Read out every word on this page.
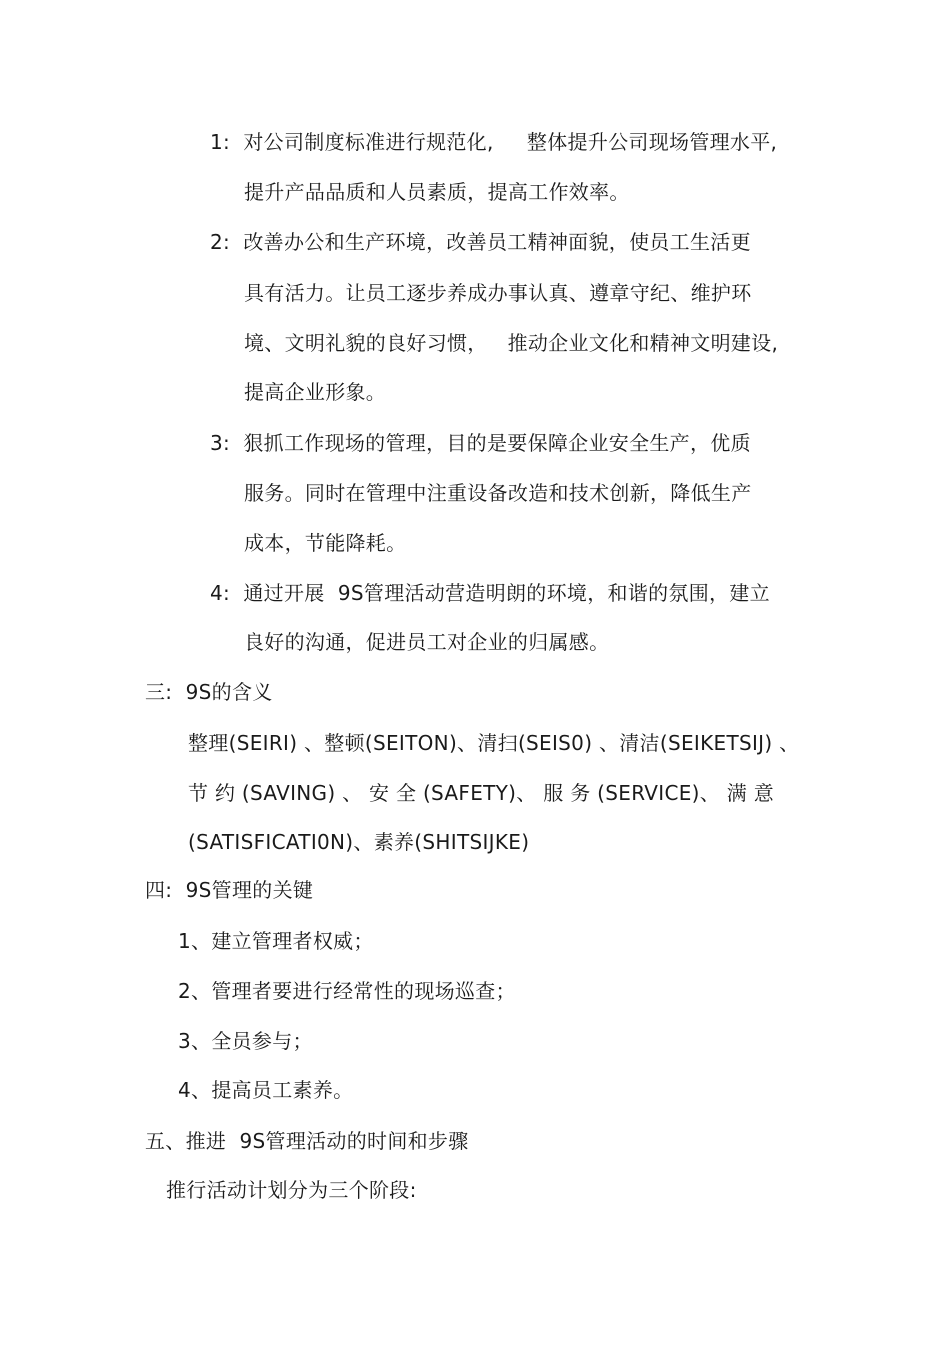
1:  对公司制度标准进行规范化,     整体提升公司现场管理水平,
提升产品品质和人员素质，提高工作效率。
2:  改善办公和生产环境，改善员工精神面貌，使员工生活更
具有活力。让员工逐步养成办事认真、遵章守纪、维护环
境、文明礼貌的良好习惯，   推动企业文化和精神文明建设,
提高企业形象。
3:  狠抓工作现场的管理，目的是要保障企业安全生产，优质
服务。同时在管理中注重设备改造和技术创新，降低生产
成本，节能降耗。
4:  通过开展  9S管理活动营造明朗的环境，和谐的氛围，建立
良好的沟通，促进员工对企业的归属感。
三:  9S的含义
整理(SEIRI) 、整顿(SEITON)、清扫(SEIS0) 、清洁(SEIKETSIJ) 、
节 约 (SAVING) 、 安 全 (SAFETY)、 服 务 (SERVICE)、 满 意
(SATISFICATI0N)、素养(SHITSIJKE)
四:  9S管理的关键
1、建立管理者权威；
2、管理者要进行经常性的现场巡查；
3、全员参与；
4、提高员工素养。
五、推进  9S管理活动的时间和步骤
推行活动计划分为三个阶段:
